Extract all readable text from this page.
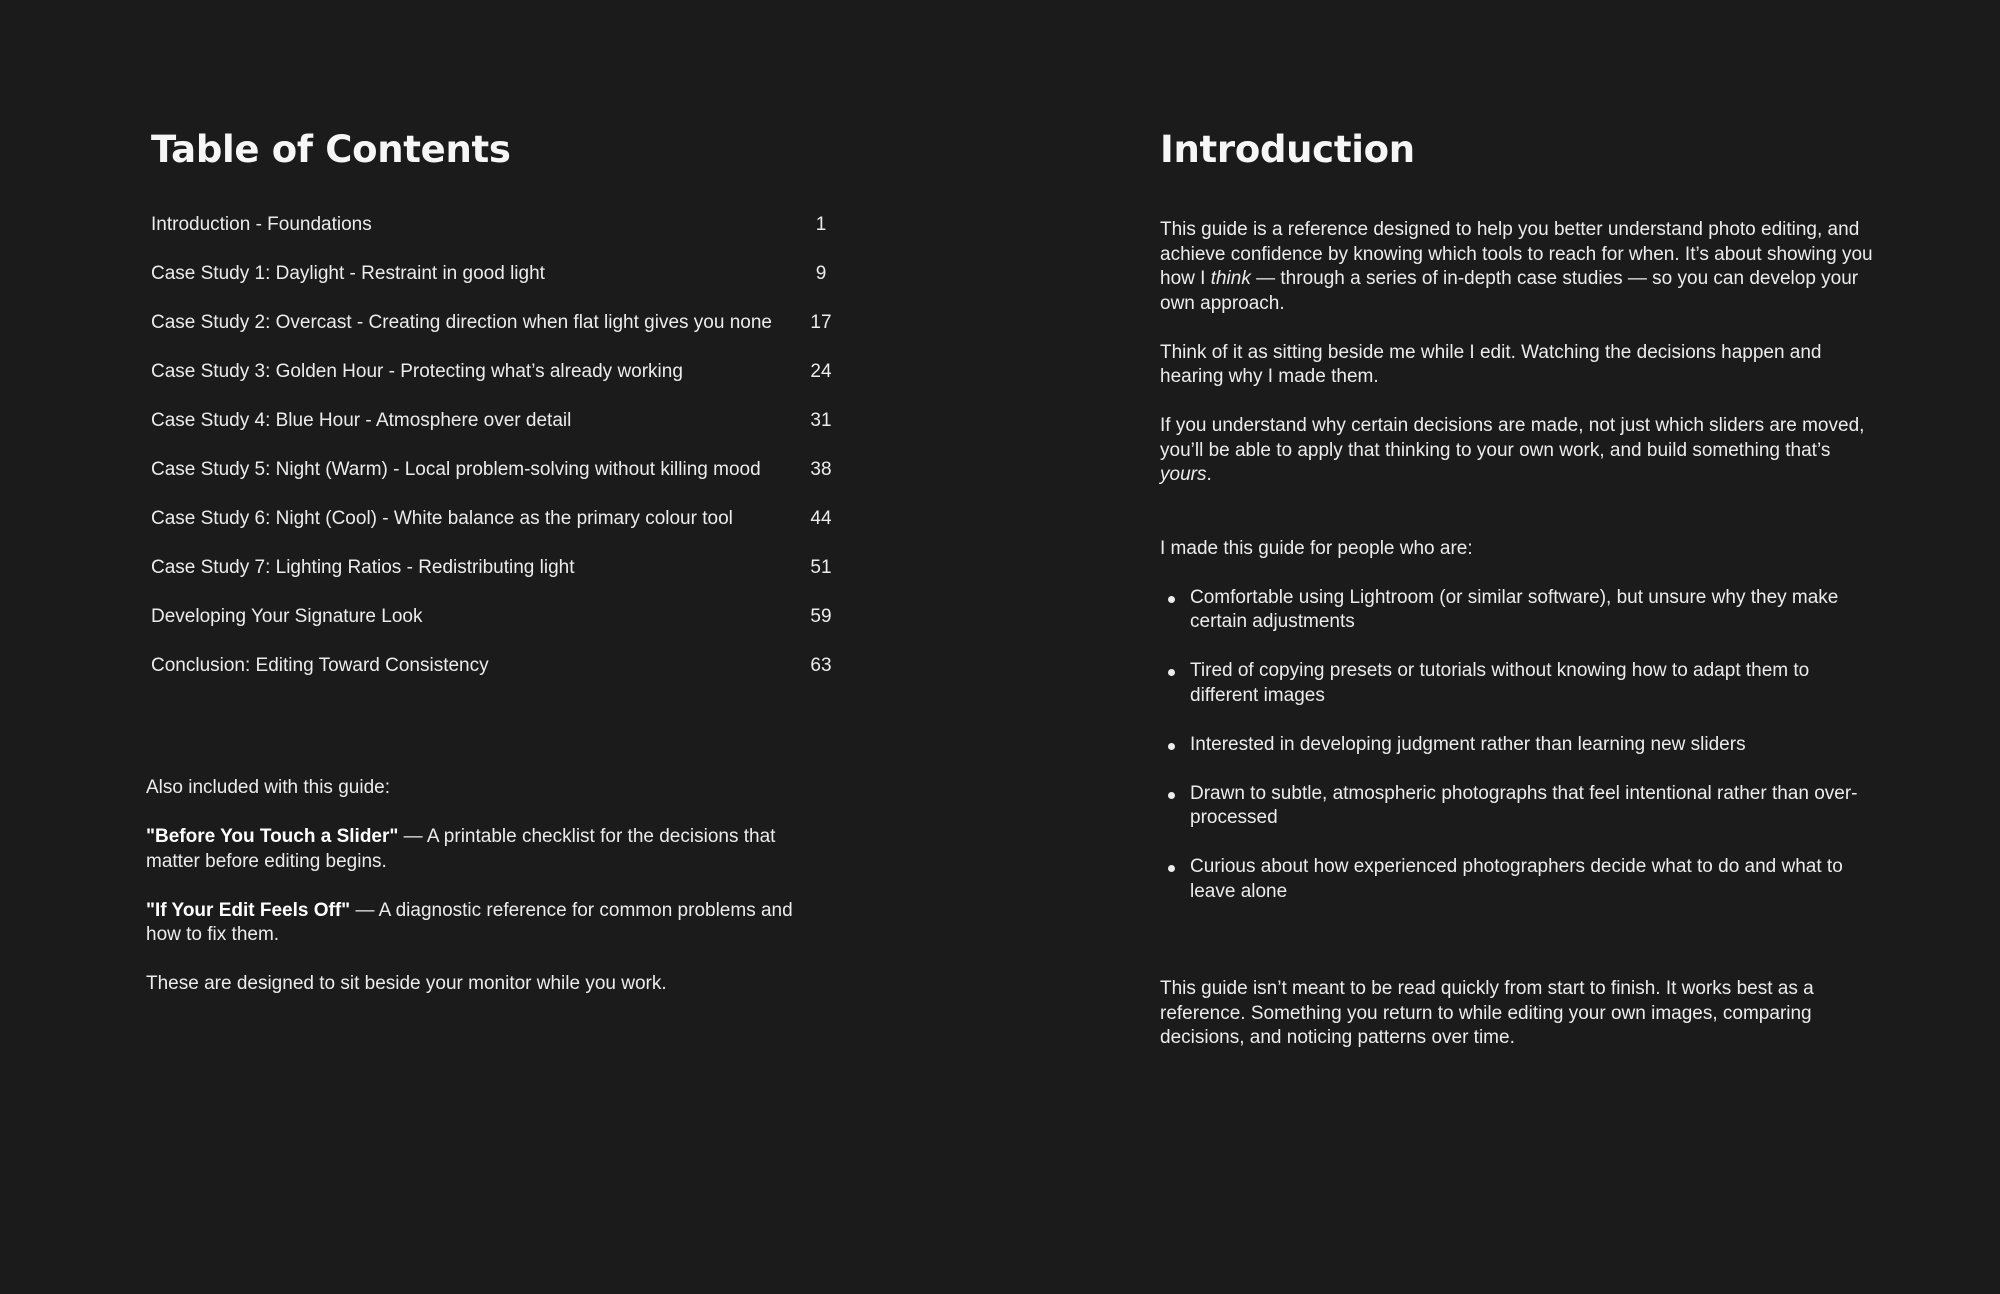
Table of Contents
Introduction - Foundations	1
Case Study 1: Daylight - Restraint in good light	9
Case Study 2: Overcast - Creating direction when flat light gives you none	17
Case Study 3: Golden Hour - Protecting what’s already working	24
Case Study 4: Blue Hour - Atmosphere over detail	31
Case Study 5: Night (Warm) - Local problem-solving without killing mood	38
Case Study 6: Night (Cool) - White balance as the primary colour tool	44
Case Study 7: Lighting Ratios - Redistributing light	51
Developing Your Signature Look	59
Conclusion: Editing Toward Consistency	63

Also included with this guide:

"Before You Touch a Slider" — A printable checklist for the decisions that matter before editing begins.

"If Your Edit Feels Off" — A diagnostic reference for common problems and how to fix them.

These are designed to sit beside your monitor while you work.

Introduction

This guide is a reference designed to help you better understand photo editing, and achieve confidence by knowing which tools to reach for when. It’s about showing you how I think — through a series of in-depth case studies — so you can develop your own approach.

Think of it as sitting beside me while I edit. Watching the decisions happen and hearing why I made them.

If you understand why certain decisions are made, not just which sliders are moved, you’ll be able to apply that thinking to your own work, and build something that’s yours.

I made this guide for people who are:

Comfortable using Lightroom (or similar software), but unsure why they make certain adjustments
Tired of copying presets or tutorials without knowing how to adapt them to different images
Interested in developing judgment rather than learning new sliders
Drawn to subtle, atmospheric photographs that feel intentional rather than over-processed
Curious about how experienced photographers decide what to do and what to leave alone

This guide isn’t meant to be read quickly from start to finish. It works best as a reference. Something you return to while editing your own images, comparing decisions, and noticing patterns over time.
